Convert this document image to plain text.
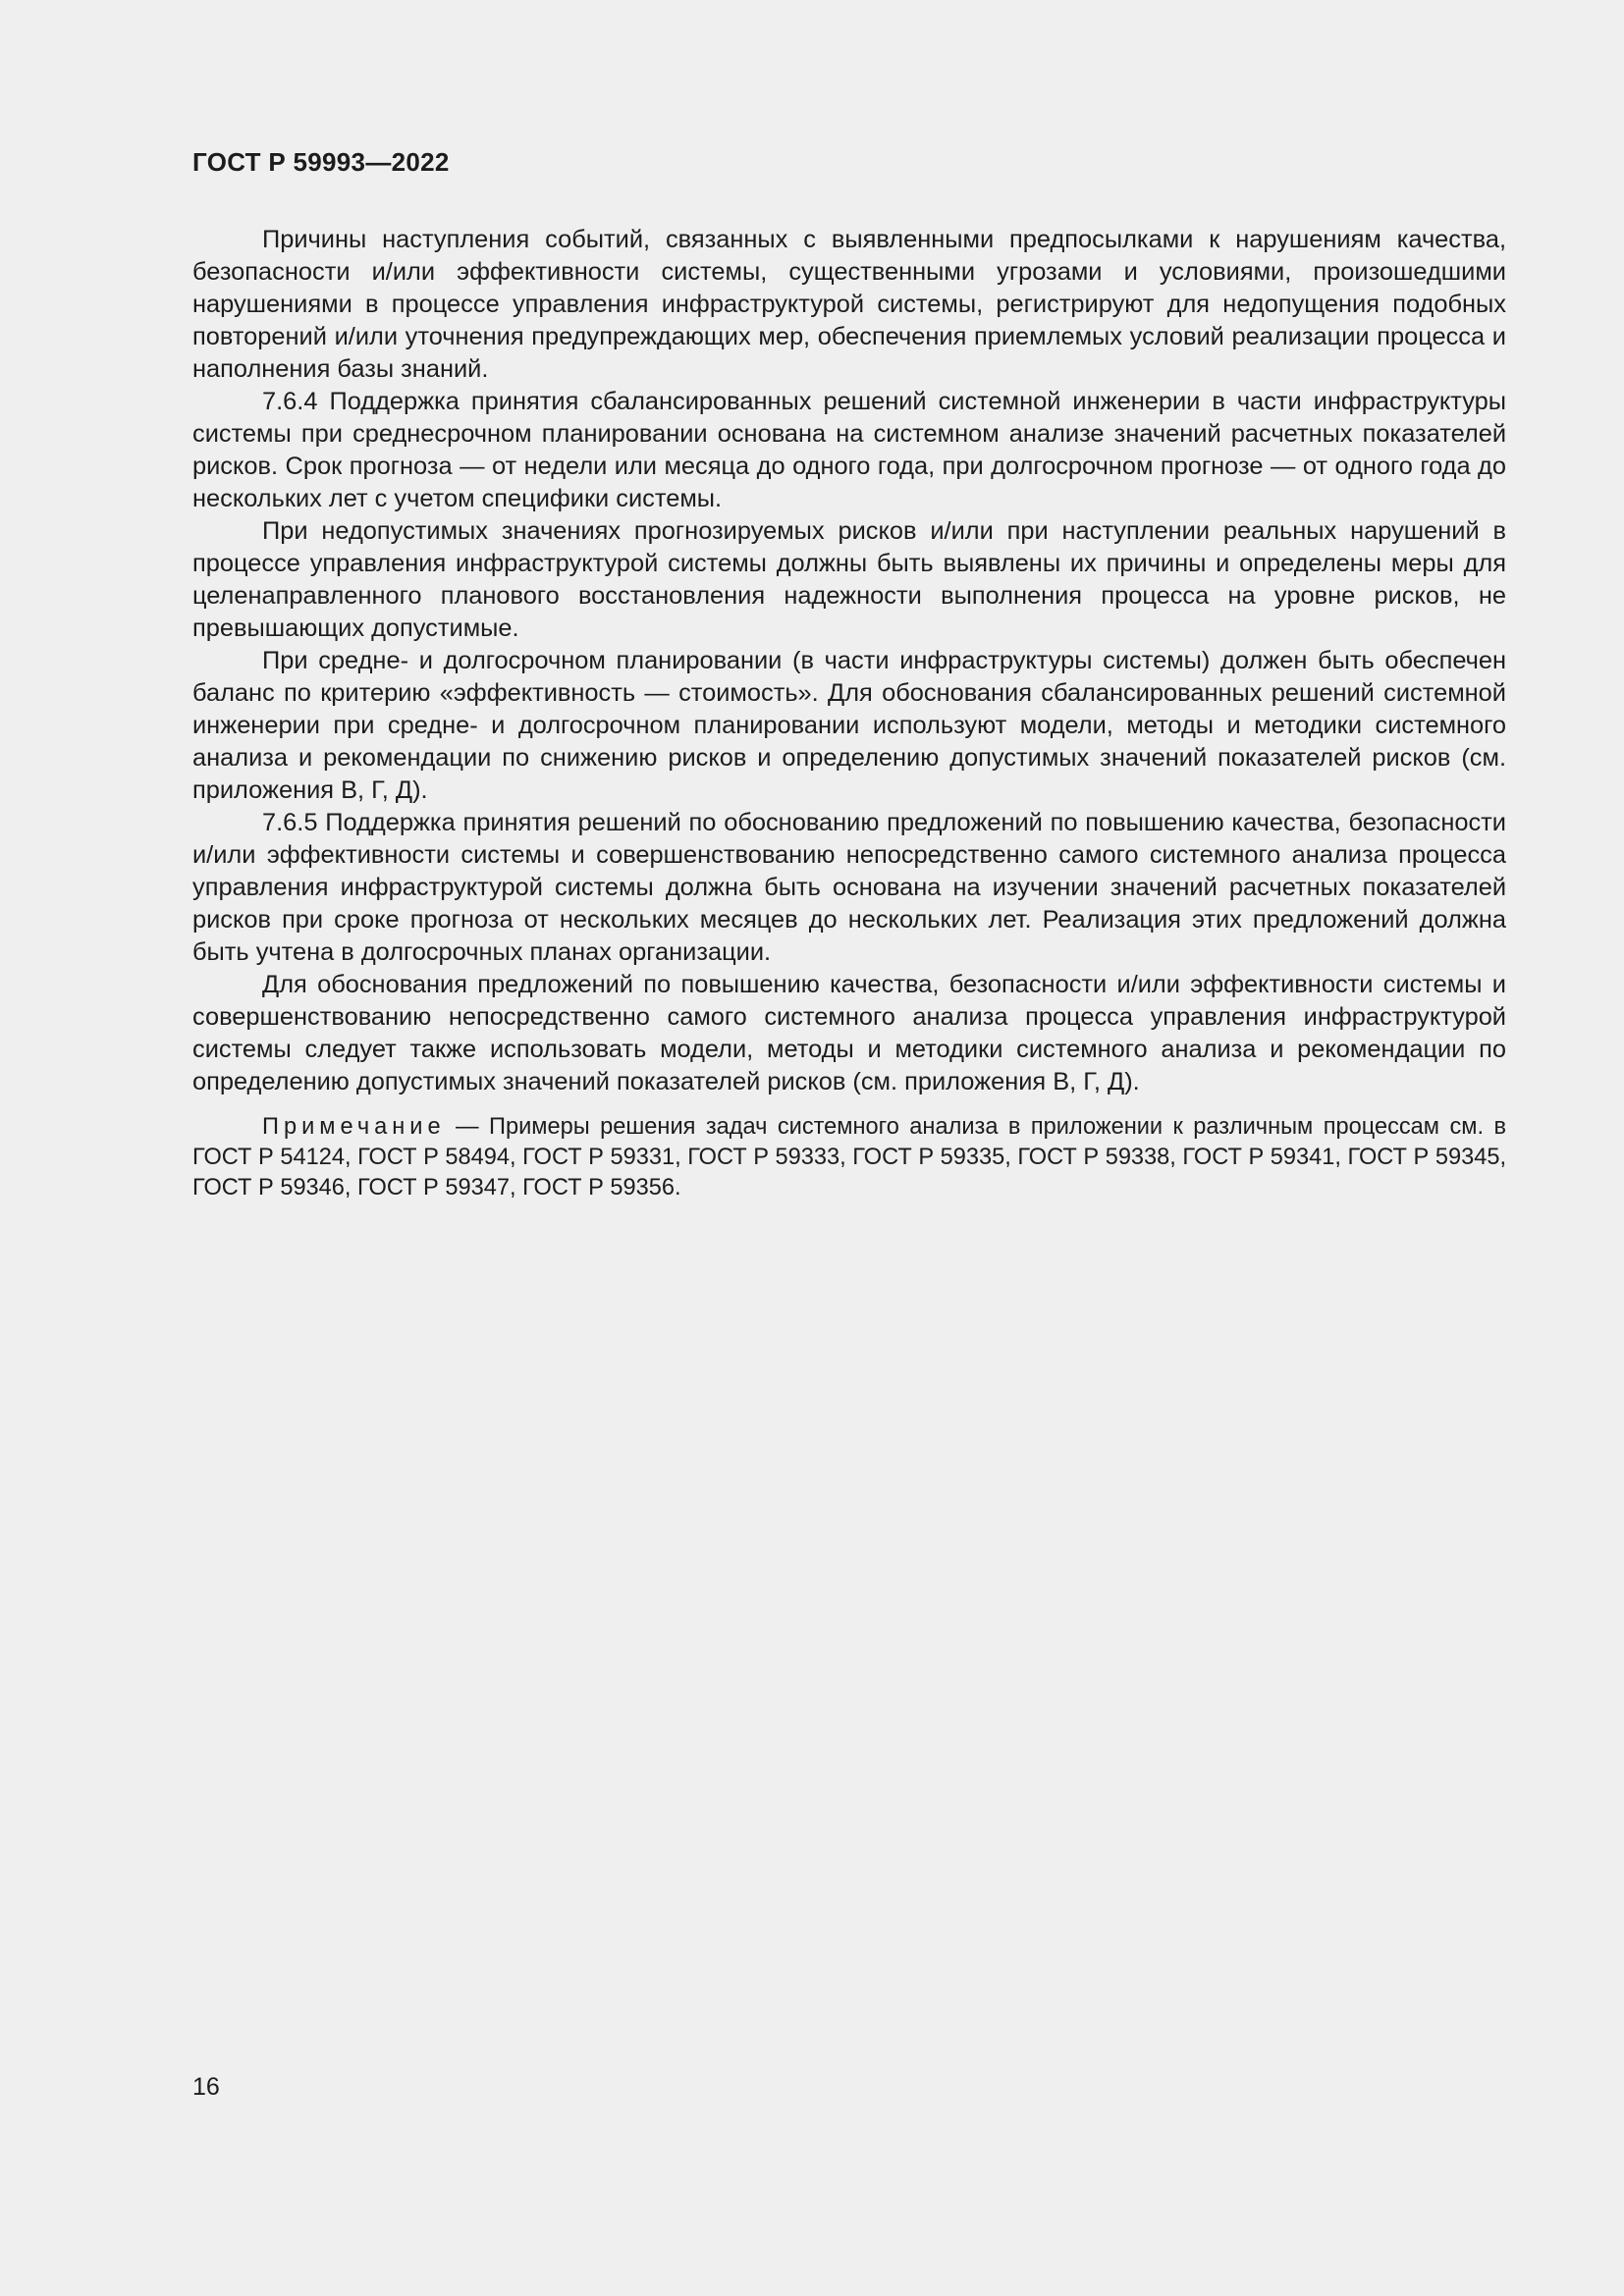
ГОСТ Р 59993—2022

Причины наступления событий, связанных с выявленными предпосылками к нарушениям качества, безопасности и/или эффективности системы, существенными угрозами и условиями, произошедшими нарушениями в процессе управления инфраструктурой системы, регистрируют для недопущения подобных повторений и/или уточнения предупреждающих мер, обеспечения приемлемых условий реализации процесса и наполнения базы знаний.

7.6.4 Поддержка принятия сбалансированных решений системной инженерии в части инфраструктуры системы при среднесрочном планировании основана на системном анализе значений расчетных показателей рисков. Срок прогноза — от недели или месяца до одного года, при долгосрочном прогнозе — от одного года до нескольких лет с учетом специфики системы.

При недопустимых значениях прогнозируемых рисков и/или при наступлении реальных нарушений в процессе управления инфраструктурой системы должны быть выявлены их причины и определены меры для целенаправленного планового восстановления надежности выполнения процесса на уровне рисков, не превышающих допустимые.

При средне- и долгосрочном планировании (в части инфраструктуры системы) должен быть обеспечен баланс по критерию «эффективность — стоимость». Для обоснования сбалансированных решений системной инженерии при средне- и долгосрочном планировании используют модели, методы и методики системного анализа и рекомендации по снижению рисков и определению допустимых значений показателей рисков (см. приложения В, Г, Д).

7.6.5 Поддержка принятия решений по обоснованию предложений по повышению качества, безопасности и/или эффективности системы и совершенствованию непосредственно самого системного анализа процесса управления инфраструктурой системы должна быть основана на изучении значений расчетных показателей рисков при сроке прогноза от нескольких месяцев до нескольких лет. Реализация этих предложений должна быть учтена в долгосрочных планах организации.

Для обоснования предложений по повышению качества, безопасности и/или эффективности системы и совершенствованию непосредственно самого системного анализа процесса управления инфраструктурой системы следует также использовать модели, методы и методики системного анализа и рекомендации по определению допустимых значений показателей рисков (см. приложения В, Г, Д).

Примечание — Примеры решения задач системного анализа в приложении к различным процессам см. в ГОСТ Р 54124, ГОСТ Р 58494, ГОСТ Р 59331, ГОСТ Р 59333, ГОСТ Р 59335, ГОСТ Р 59338, ГОСТ Р 59341, ГОСТ Р 59345, ГОСТ Р 59346, ГОСТ Р 59347, ГОСТ Р 59356.

16
